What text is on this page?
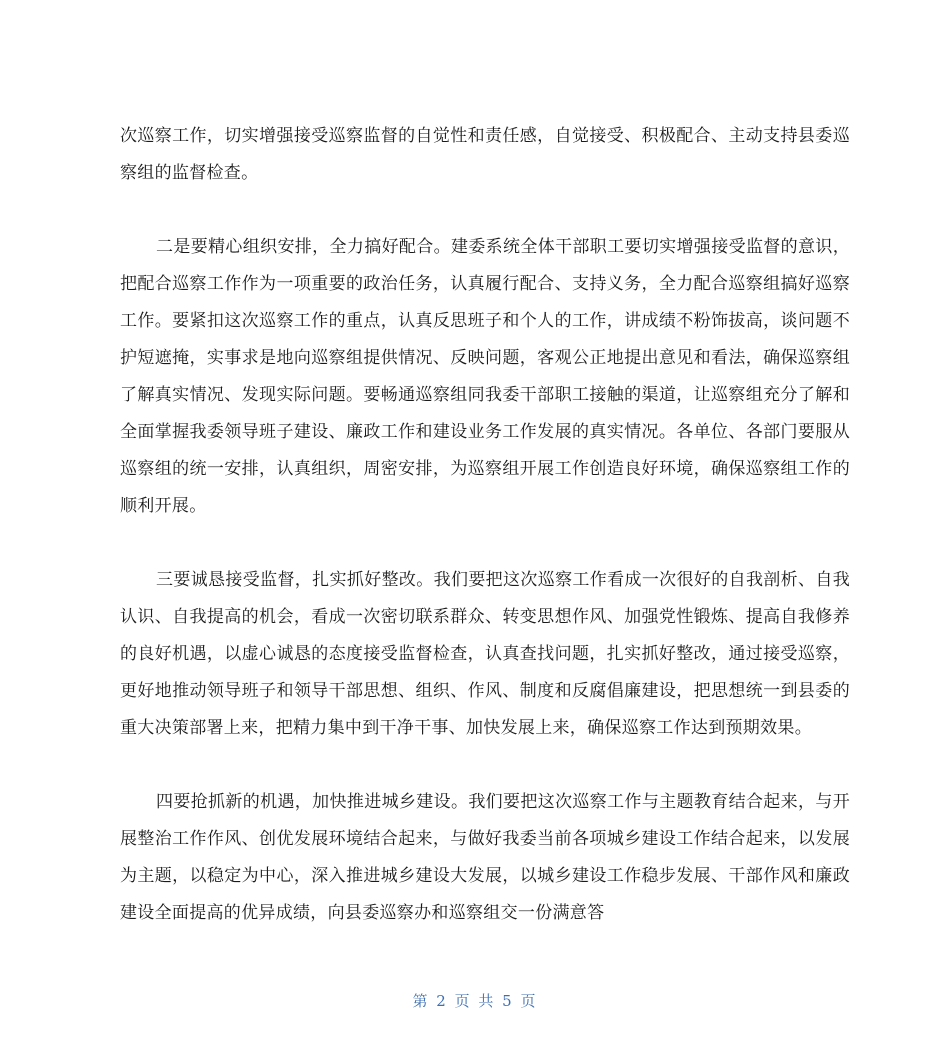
次巡察工作，切实增强接受巡察监督的自觉性和责任感，自觉接受、积极配合、主动支持县委巡察组的监督检查。

二是要精心组织安排，全力搞好配合。建委系统全体干部职工要切实增强接受监督的意识，把配合巡察工作作为一项重要的政治任务，认真履行配合、支持义务，全力配合巡察组搞好巡察工作。要紧扣这次巡察工作的重点，认真反思班子和个人的工作，讲成绩不粉饰拔高，谈问题不护短遮掩，实事求是地向巡察组提供情况、反映问题，客观公正地提出意见和看法，确保巡察组了解真实情况、发现实际问题。要畅通巡察组同我委干部职工接触的渠道，让巡察组充分了解和全面掌握我委领导班子建设、廉政工作和建设业务工作发展的真实情况。各单位、各部门要服从巡察组的统一安排，认真组织，周密安排，为巡察组开展工作创造良好环境，确保巡察组工作的顺利开展。

三要诚恳接受监督，扎实抓好整改。我们要把这次巡察工作看成一次很好的自我剖析、自我认识、自我提高的机会，看成一次密切联系群众、转变思想作风、加强党性锻炼、提高自我修养的良好机遇，以虚心诚恳的态度接受监督检查，认真查找问题，扎实抓好整改，通过接受巡察，更好地推动领导班子和领导干部思想、组织、作风、制度和反腐倡廉建设，把思想统一到县委的重大决策部署上来，把精力集中到干净干事、加快发展上来，确保巡察工作达到预期效果。

四要抢抓新的机遇，加快推进城乡建设。我们要把这次巡察工作与主题教育结合起来，与开展整治工作作风、创优发展环境结合起来，与做好我委当前各项城乡建设工作结合起来，以发展为主题，以稳定为中心，深入推进城乡建设大发展，以城乡建设工作稳步发展、干部作风和廉政建设全面提高的优异成绩，向县委巡察办和巡察组交一份满意答

第 2 页 共 5 页
